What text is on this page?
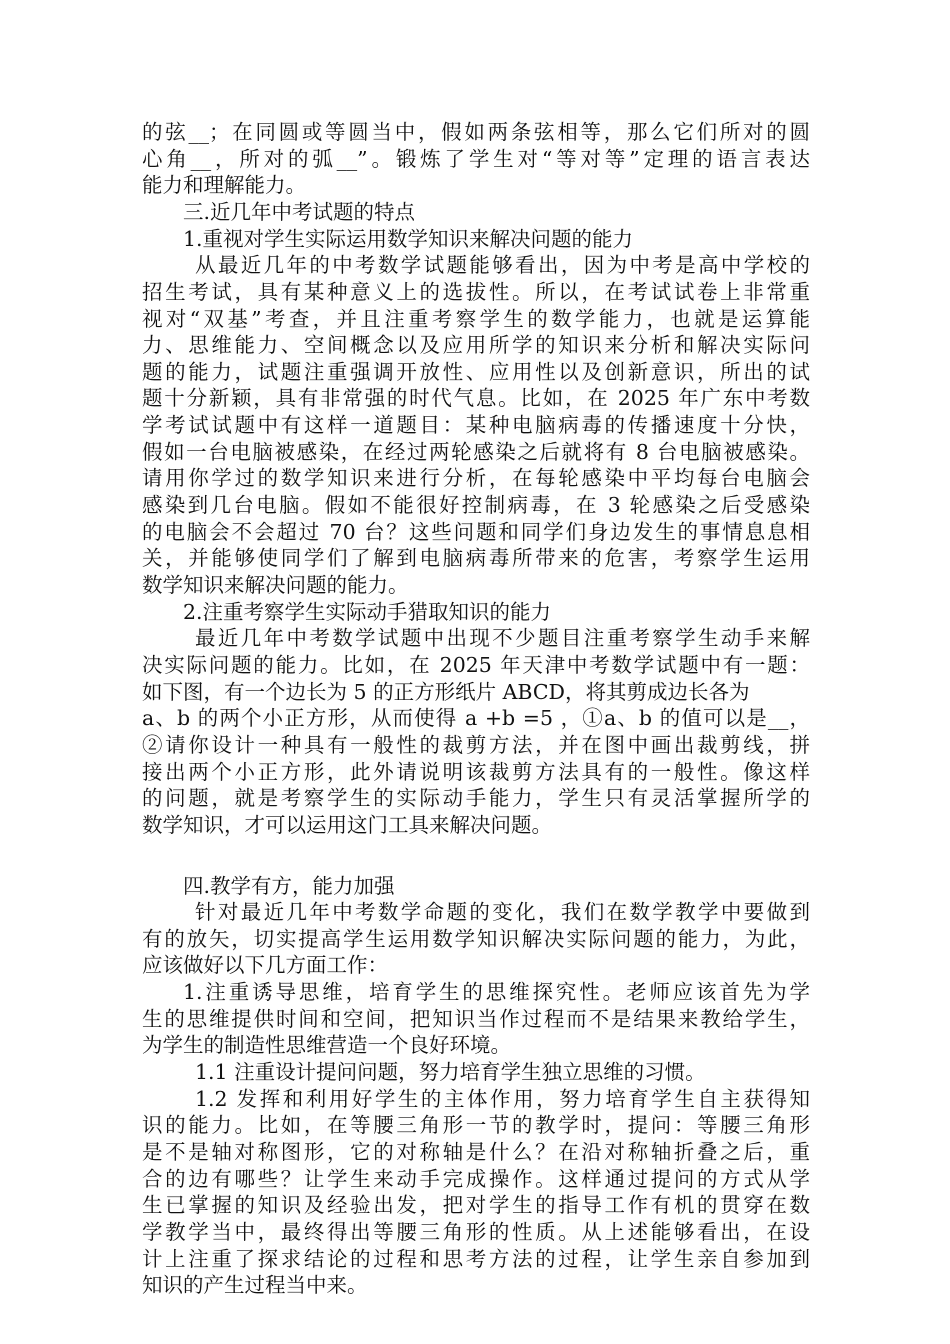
的弦__；在同圆或等圆当中，假如两条弦相等，那么它们所对的圆
心角__，所对的弧__”。锻炼了学生对“等对等”定理的语言表达
能力和理解能力。
三.近几年中考试题的特点
1.重视对学生实际运用数学知识来解决问题的能力
从最近几年的中考数学试题能够看出，因为中考是高中学校的
招生考试，具有某种意义上的选拔性。所以，在考试试卷上非常重
视对“双基”考查，并且注重考察学生的数学能力，也就是运算能
力、思维能力、空间概念以及应用所学的知识来分析和解决实际问
题的能力，试题注重强调开放性、应用性以及创新意识，所出的试
题十分新颖，具有非常强的时代气息。比如，在 2025 年广东中考数
学考试试题中有这样一道题目：某种电脑病毒的传播速度十分快，
假如一台电脑被感染，在经过两轮感染之后就将有 8 台电脑被感染。
请用你学过的数学知识来进行分析，在每轮感染中平均每台电脑会
感染到几台电脑。假如不能很好控制病毒，在 3 轮感染之后受感染
的电脑会不会超过 70 台？这些问题和同学们身边发生的事情息息相
关，并能够使同学们了解到电脑病毒所带来的危害，考察学生运用
数学知识来解决问题的能力。
2.注重考察学生实际动手猎取知识的能力
最近几年中考数学试题中出现不少题目注重考察学生动手来解
决实际问题的能力。比如，在 2025 年天津中考数学试题中有一题：
如下图，有一个边长为 5 的正方形纸片 ABCD，将其剪成边长各为
a、b 的两个小正方形，从而使得 a +b =5 ，①a、b 的值可以是__，
②请你设计一种具有一般性的裁剪方法，并在图中画出裁剪线，拼
接出两个小正方形，此外请说明该裁剪方法具有的一般性。像这样
的问题，就是考察学生的实际动手能力，学生只有灵活掌握所学的
数学知识，才可以运用这门工具来解决问题。
四.教学有方，能力加强
针对最近几年中考数学命题的变化，我们在数学教学中要做到
有的放矢，切实提高学生运用数学知识解决实际问题的能力，为此，
应该做好以下几方面工作：
1.注重诱导思维，培育学生的思维探究性。老师应该首先为学
生的思维提供时间和空间，把知识当作过程而不是结果来教给学生，
为学生的制造性思维营造一个良好环境。
1.1 注重设计提问问题，努力培育学生独立思维的习惯。
1.2 发挥和利用好学生的主体作用，努力培育学生自主获得知
识的能力。比如，在等腰三角形一节的教学时，提问：等腰三角形
是不是轴对称图形，它的对称轴是什么？在沿对称轴折叠之后，重
合的边有哪些？让学生来动手完成操作。这样通过提问的方式从学
生已掌握的知识及经验出发，把对学生的指导工作有机的贯穿在数
学教学当中，最终得出等腰三角形的性质。从上述能够看出，在设
计上注重了探求结论的过程和思考方法的过程，让学生亲自参加到
知识的产生过程当中来。
